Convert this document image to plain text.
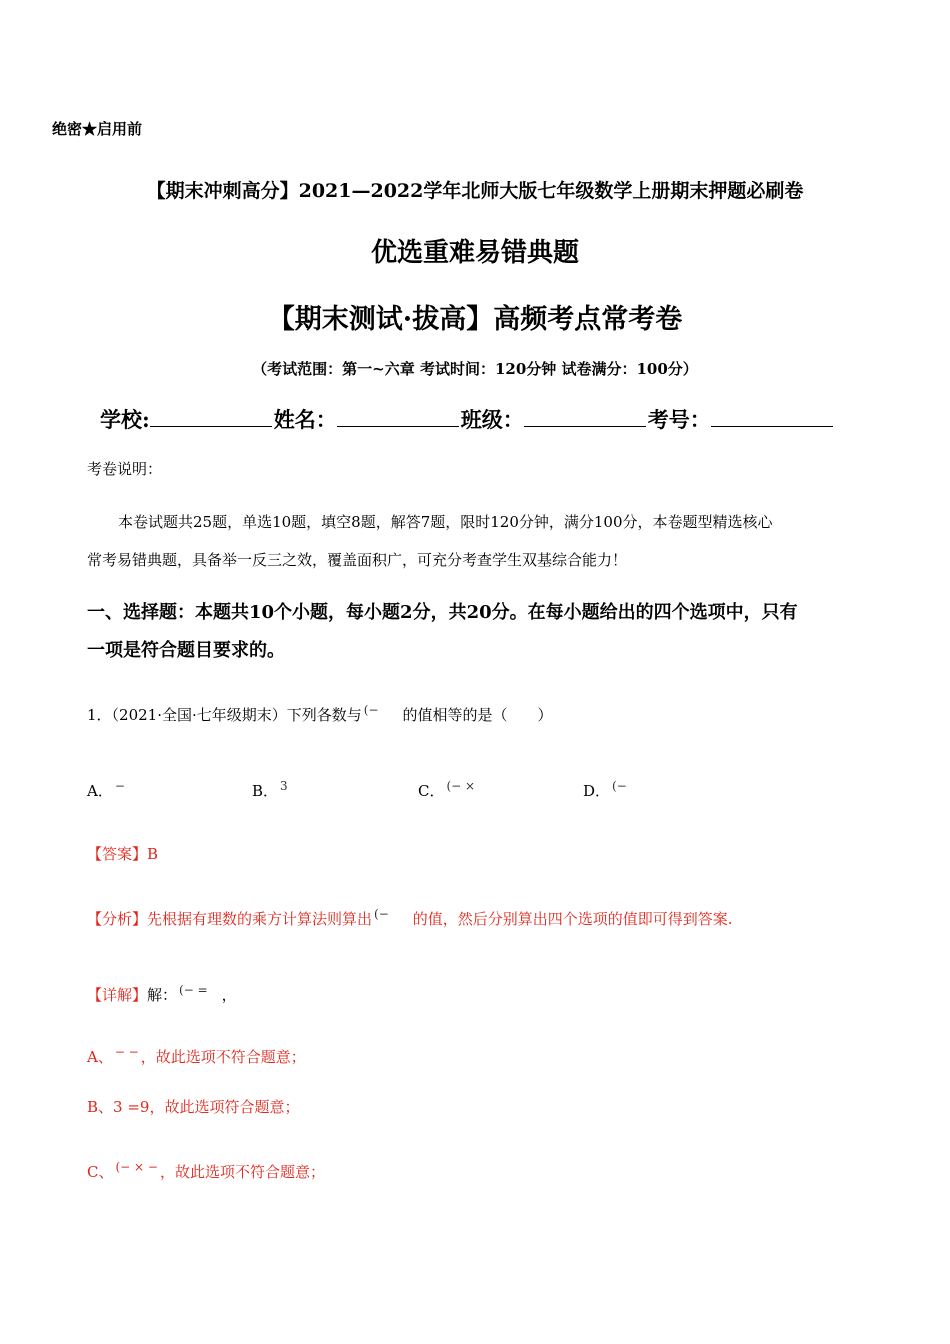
绝密★启用前
【期末冲刺高分】2021—2022学年北师大版七年级数学上册期末押题必刷卷
优选重难易错典题
【期末测试·拔高】高频考点常考卷
（考试范围：第一~六章 考试时间：120分钟 试卷满分：100分）
学校:	姓名：	班级：	考号：
考卷说明：
本卷试题共25题，单选10题，填空8题，解答7题，限时120分钟，满分100分，本卷题型精选核心
常考易错典题，具备举一反三之效，覆盖面积广，可充分考查学生双基综合能力！
一、选择题：本题共10个小题，每小题2分，共20分。在每小题给出的四个选项中，只有
一项是符合题目要求的。
1．（2021·全国·七年级期末）下列各数与 (− 的值相等的是（　　）
A． −	B． 3	C． (− ×	D． (−
【答案】B
【分析】先根据有理数的乘方计算法则算出 (− 的值，然后分别算出四个选项的值即可得到答案.
【详解】解： (− = ，
A、 − − ，故此选项不符合题意；
B、3 =9，故此选项符合题意；
C、 (− × − ，故此选项不符合题意；
